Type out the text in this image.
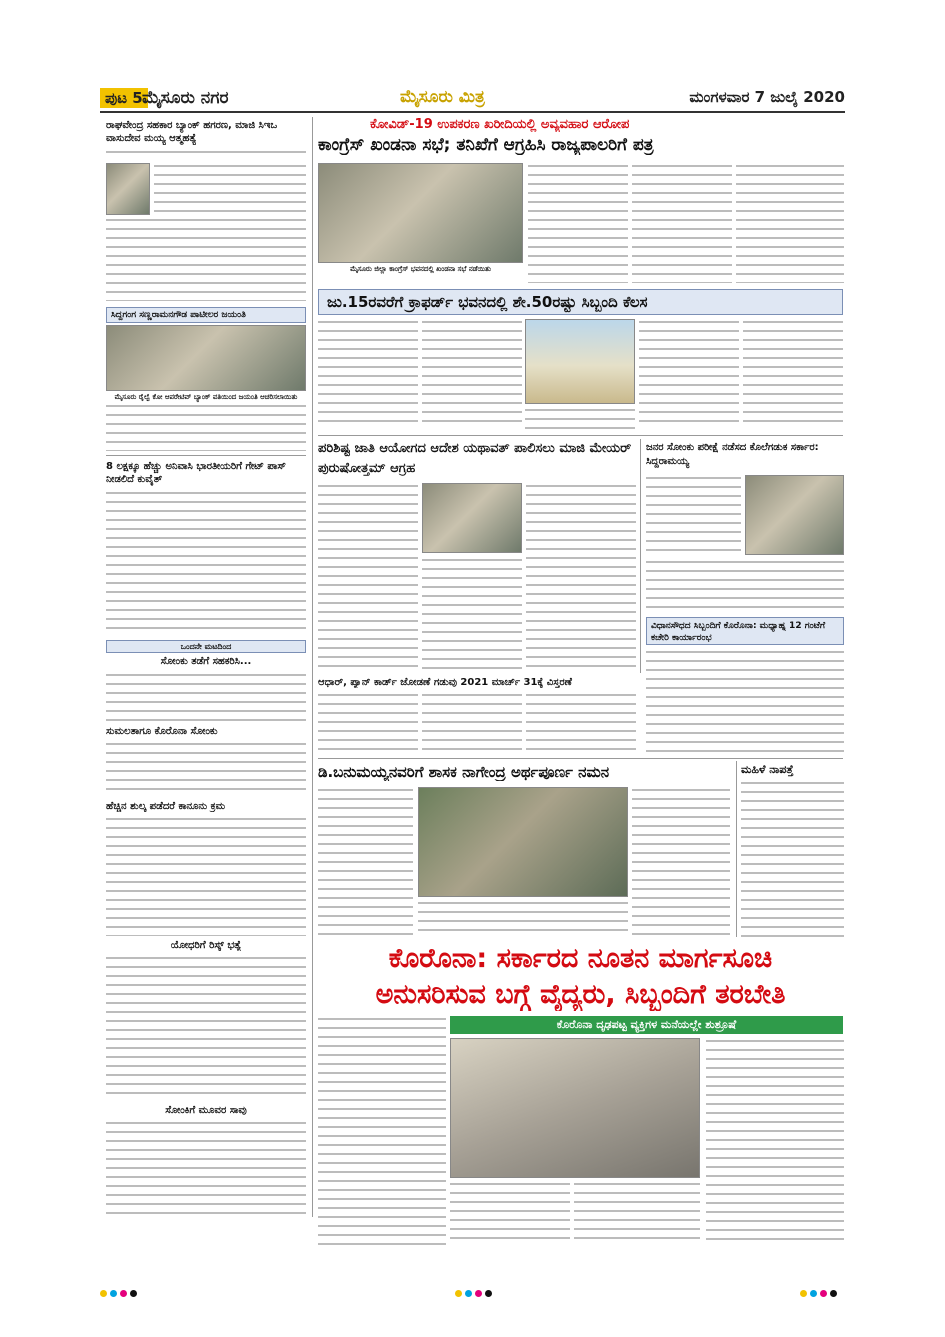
ಪುಟ 5 ಮೈಸೂರು ನಗರ	ಮೈಸೂರು ಮಿತ್ರ	ಮಂಗಳವಾರ 7 ಜುಲೈ 2020
ರಾಘವೇಂದ್ರ ಸಹಕಾರ ಬ್ಯಾಂಕ್ ಹಗರಣ, ಮಾಜಿ ಸಿಇಒ ವಾಸುದೇವ ಮಯ್ಯ ಆತ್ಮಹತ್ಯೆ
ಸಿದ್ದಗಂಗ ಸಣ್ಣರಾಮನಗೌಡ ಪಾಟೀಲರ ಜಯಂತಿ
ಮೈಸೂರು ರೈಲ್ವೆ ಕೋ ಆಪರೇಟಿವ್ ಬ್ಯಾಂಕ್ ವತಿಯಿಂದ ಜಯಂತಿ ಆಚರಿಸಲಾಯಿತು
8 ಲಕ್ಷಕ್ಕೂ ಹೆಚ್ಚು ಅನಿವಾಸಿ ಭಾರತೀಯರಿಗೆ ಗೇಟ್ ಪಾಸ್ ನೀಡಲಿದೆ ಕುವೈತ್
ಒಂದನೇ ಮಟದಿಂದ
ಸೋಂಕು ತಡೆಗೆ ಸಹಕರಿಸಿ...
ಸುಮಲತಾಗೂ ಕೊರೊನಾ ಸೋಂಕು
ಹೆಚ್ಚಿನ ಶುಲ್ಕ ಪಡೆದರೆ ಕಾನೂನು ಕ್ರಮ
ಯೋಧರಿಗೆ ರಿಸ್ಕ್ ಭತ್ಯೆ
ಸೋಂಕಿಗೆ ಮೂವರ ಸಾವು
ಕೋವಿಡ್-19 ಉಪಕರಣ ಖರೀದಿಯಲ್ಲಿ ಅವ್ಯವಹಾರ ಆರೋಪ
ಕಾಂಗ್ರೆಸ್ ಖಂಡನಾ ಸಭೆ; ತನಿಖೆಗೆ ಆಗ್ರಹಿಸಿ ರಾಜ್ಯಪಾಲರಿಗೆ ಪತ್ರ
ಮೈಸೂರು ಜಿಲ್ಲಾ ಕಾಂಗ್ರೆಸ್ ಭವನದಲ್ಲಿ ಖಂಡನಾ ಸಭೆ ನಡೆಯಿತು
ಜು.15ರವರೆಗೆ ಕ್ರಾಫರ್ಡ್ ಭವನದಲ್ಲಿ ಶೇ.50ರಷ್ಟು ಸಿಬ್ಬಂದಿ ಕೆಲಸ
ಪರಿಶಿಷ್ಟ ಜಾತಿ ಆಯೋಗದ ಆದೇಶ ಯಥಾವತ್ ಪಾಲಿಸಲು ಮಾಜಿ ಮೇಯರ್ ಪುರುಷೋತ್ತಮ್ ಆಗ್ರಹ
ಜನರ ಸೋಂಕು ಪರೀಕ್ಷೆ ನಡೆಸದ ಕೊಲೆಗಡುಕ ಸರ್ಕಾರ: ಸಿದ್ದರಾಮಯ್ಯ
ವಿಧಾನಸೌಧದ ಸಿಬ್ಬಂದಿಗೆ ಕೊರೊನಾ: ಮಧ್ಯಾಹ್ನ 12 ಗಂಟೆಗೆ ಕಚೇರಿ ಕಾರ್ಯಾರಂಭ
ಆಧಾರ್, ಪ್ಯಾನ್ ಕಾರ್ಡ್ ಜೋಡಣೆ ಗಡುವು 2021 ಮಾರ್ಚ್ 31ಕ್ಕೆ ವಿಸ್ತರಣೆ
ಡಿ.ಬನುಮಯ್ಯನವರಿಗೆ ಶಾಸಕ ನಾಗೇಂದ್ರ ಅರ್ಥಪೂರ್ಣ ನಮನ	ಮಹಿಳೆ ನಾಪತ್ತೆ
ಕೊರೊನಾ: ಸರ್ಕಾರದ ನೂತನ ಮಾರ್ಗಸೂಚಿ
ಅನುಸರಿಸುವ ಬಗ್ಗೆ ವೈದ್ಯರು, ಸಿಬ್ಬಂದಿಗೆ ತರಬೇತಿ
ಕೊರೊನಾ ದೃಢಪಟ್ಟ ವ್ಯಕ್ತಿಗಳ ಮನೆಯಲ್ಲೇ ಶುಶ್ರೂಷೆ
